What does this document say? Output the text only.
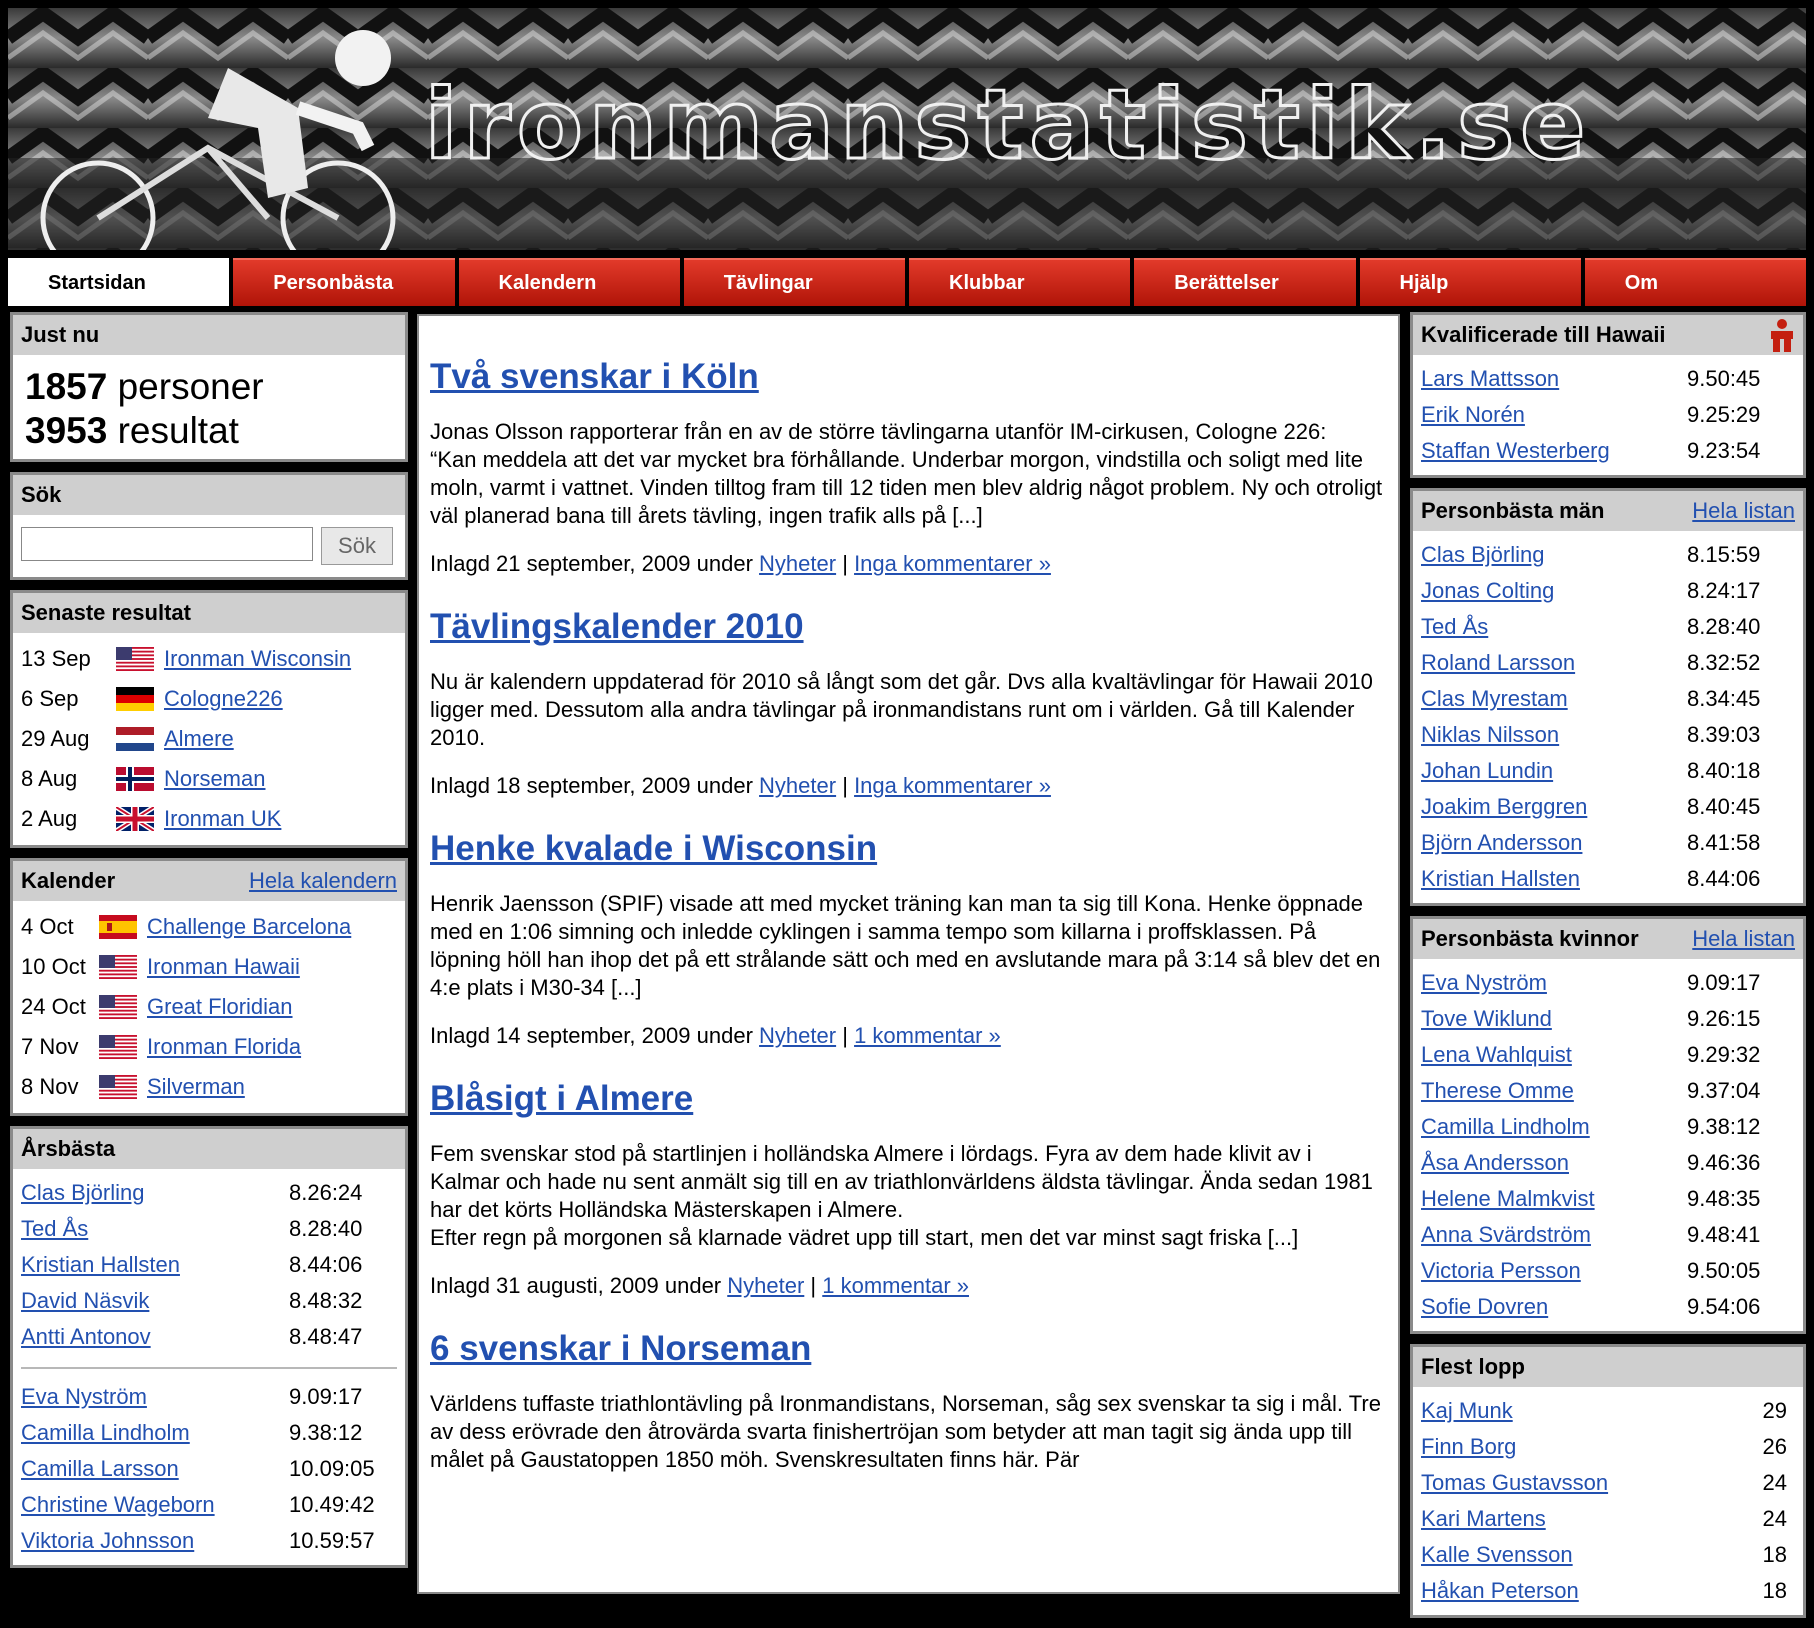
ironmanstatistik.se
Startsidan	Personbästa	Kalendern	Tävlingar	Klubbar	Berättelser	Hjälp	Om
Just nu
1857 personer
3953 resultat
Sök
Sök
Senaste resultat
13 Sep	Ironman Wisconsin
6 Sep	Cologne226
29 Aug	Almere
8 Aug	Norseman
2 Aug	Ironman UK
Kalender	Hela kalendern
4 Oct	Challenge Barcelona
10 Oct	Ironman Hawaii
24 Oct	Great Floridian
7 Nov	Ironman Florida
8 Nov	Silverman
Årsbästa
Clas Björling	8.26:24
Ted Ås	8.28:40
Kristian Hallsten	8.44:06
David Näsvik	8.48:32
Antti Antonov	8.48:47
Eva Nyström	9.09:17
Camilla Lindholm	9.38:12
Camilla Larsson	10.09:05
Christine Wageborn	10.49:42
Viktoria Johnsson	10.59:57
Två svenskar i Köln
Jonas Olsson rapporterar från en av de större tävlingarna utanför IM-cirkusen, Cologne 226:
“Kan meddela att det var mycket bra förhållande. Underbar morgon, vindstilla och soligt med lite moln, varmt i vattnet. Vinden tilltog fram till 12 tiden men blev aldrig något problem. Ny och otroligt väl planerad bana till årets tävling, ingen trafik alls på [...]
Inlagd 21 september, 2009 under Nyheter | Inga kommentarer »
Tävlingskalender 2010
Nu är kalendern uppdaterad för 2010 så långt som det går. Dvs alla kvaltävlingar för Hawaii 2010 ligger med. Dessutom alla andra tävlingar på ironmandistans runt om i världen. Gå till Kalender 2010.
Inlagd 18 september, 2009 under Nyheter | Inga kommentarer »
Henke kvalade i Wisconsin
Henrik Jaensson (SPIF) visade att med mycket träning kan man ta sig till Kona. Henke öppnade med en 1:06 simning och inledde cyklingen i samma tempo som killarna i proffsklassen. På löpning höll han ihop det på ett strålande sätt och med en avslutande mara på 3:14 så blev det en 4:e plats i M30-34 [...]
Inlagd 14 september, 2009 under Nyheter | 1 kommentar »
Blåsigt i Almere
Fem svenskar stod på startlinjen i holländska Almere i lördags. Fyra av dem hade klivit av i Kalmar och hade nu sent anmält sig till en av triathlonvärldens äldsta tävlingar. Ända sedan 1981 har det körts Holländska Mästerskapen i Almere.
Efter regn på morgonen så klarnade vädret upp till start, men det var minst sagt friska [...]
Inlagd 31 augusti, 2009 under Nyheter | 1 kommentar »
6 svenskar i Norseman
Världens tuffaste triathlontävling på Ironmandistans, Norseman, såg sex svenskar ta sig i mål. Tre av dess erövrade den åtrovärda svarta finishertröjan som betyder att man tagit sig ända upp till målet på Gaustatoppen 1850 möh. Svenskresultaten finns här. Pär
Kvalificerade till Hawaii
Lars Mattsson	9.50:45
Erik Norén	9.25:29
Staffan Westerberg	9.23:54
Personbästa män	Hela listan
Clas Björling	8.15:59
Jonas Colting	8.24:17
Ted Ås	8.28:40
Roland Larsson	8.32:52
Clas Myrestam	8.34:45
Niklas Nilsson	8.39:03
Johan Lundin	8.40:18
Joakim Berggren	8.40:45
Björn Andersson	8.41:58
Kristian Hallsten	8.44:06
Personbästa kvinnor Hela listan
Eva Nyström	9.09:17
Tove Wiklund	9.26:15
Lena Wahlquist	9.29:32
Therese Omme	9.37:04
Camilla Lindholm	9.38:12
Åsa Andersson	9.46:36
Helene Malmkvist	9.48:35
Anna Svärdström	9.48:41
Victoria Persson	9.50:05
Sofie Dovren	9.54:06
Flest lopp
Kaj Munk	29
Finn Borg	26
Tomas Gustavsson	24
Kari Martens	24
Kalle Svensson	18
Håkan Peterson	18
